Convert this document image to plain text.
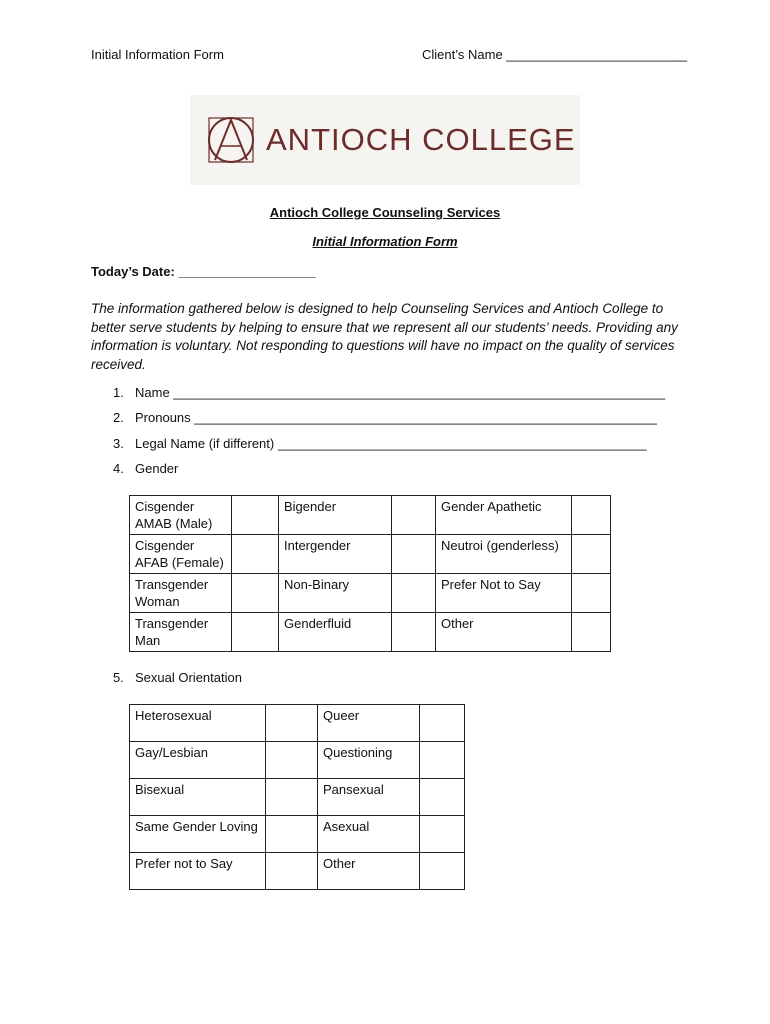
Initial Information Form	Client’s Name _________________________
ANTIOCH COLLEGE
Antioch College Counseling Services
Initial Information Form
Today’s Date: ___________________
The information gathered below is designed to help Counseling Services and Antioch College to better serve students by helping to ensure that we represent all our students’ needs. Providing any information is voluntary. Not responding to questions will have no impact on the quality of services received.
1. Name ____________________________________________________________________
2. Pronouns ________________________________________________________________
3. Legal Name (if different) ___________________________________________________
4. Gender
Cisgender AMAB (Male)		Bigender		Gender Apathetic	
Cisgender AFAB (Female)		Intergender		Neutroi (genderless)	
Transgender Woman		Non-Binary		Prefer Not to Say	
Transgender Man		Genderfluid		Other	
5. Sexual Orientation
Heterosexual		Queer	
Gay/Lesbian		Questioning	
Bisexual		Pansexual	
Same Gender Loving		Asexual	
Prefer not to Say		Other	
